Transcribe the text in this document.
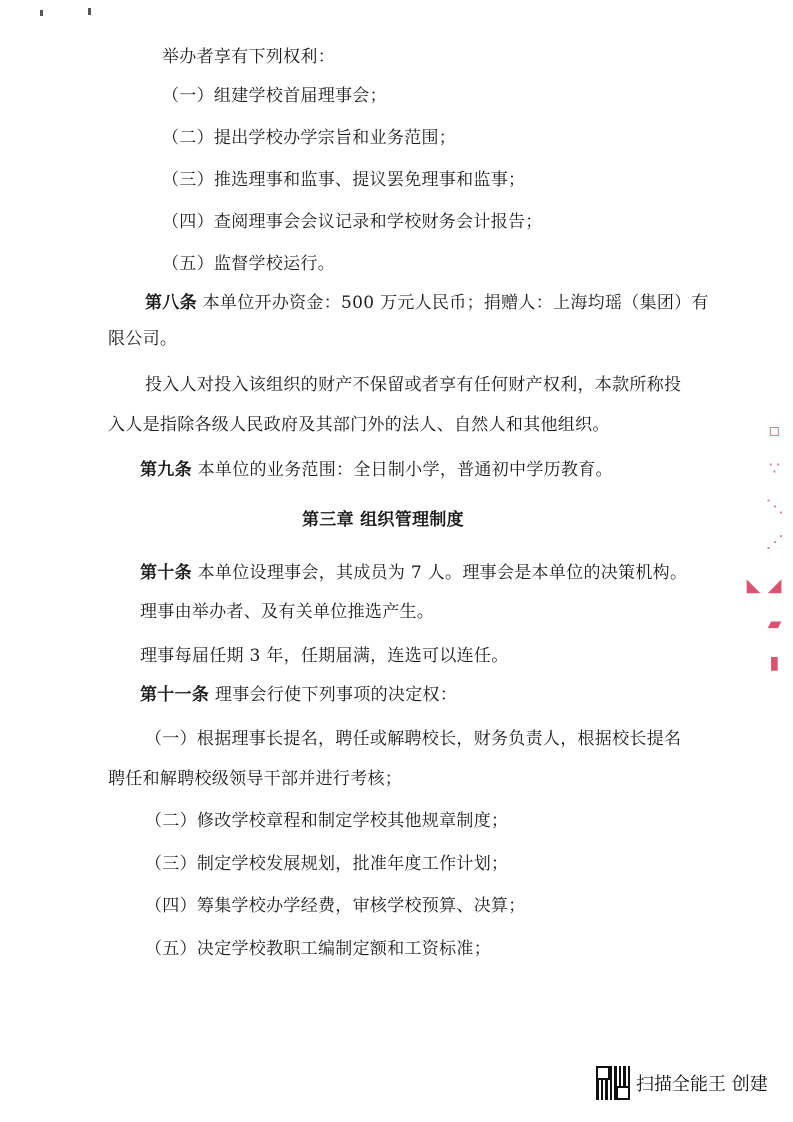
举办者享有下列权利：
（一）组建学校首届理事会；
（二）提出学校办学宗旨和业务范围；
（三）推选理事和监事、提议罢免理事和监事；
（四）查阅理事会会议记录和学校财务会计报告；
（五）监督学校运行。
第八条 本单位开办资金：500 万元人民币；捐赠人：上海均瑶（集团）有
限公司。
投入人对投入该组织的财产不保留或者享有任何财产权利，本款所称投
入人是指除各级人民政府及其部门外的法人、自然人和其他组织。
第九条 本单位的业务范围：全日制小学，普通初中学历教育。
第三章 组织管理制度
第十条 本单位设理事会，其成员为 7 人。理事会是本单位的决策机构。
理事由举办者、及有关单位推选产生。
理事每届任期 3 年，任期届满，连选可以连任。
第十一条 理事会行使下列事项的决定权：
（一）根据理事长提名，聘任或解聘校长，财务负责人，根据校长提名
聘任和解聘校级领导干部并进行考核；
（二）修改学校章程和制定学校其他规章制度；
（三）制定学校发展规划，批准年度工作计划；
（四）筹集学校办学经费，审核学校预算、决算；
（五）决定学校教职工编制定额和工资标准；
▫ ∵ ⋰ ⋱
◢ ▰ ▮ ◣
扫描全能王 创建
